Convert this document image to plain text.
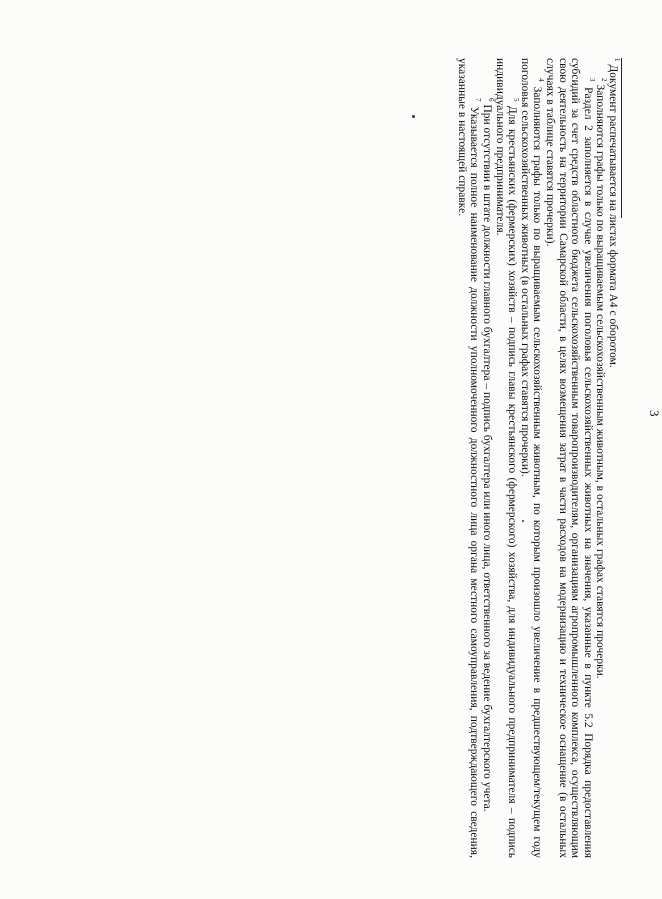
3

$^1$ Документ распечатывается на листах формата А4 с оборотом.

$^2$ Заполняются графы только по выращиваемым сельскохозяйственным животным, в остальных графах ставятся прочерки.

$^3$ Раздел 2 заполняется в случае увеличения поголовья сельскохозяйственных животных на значения, указанные в пункте 5.2 Порядка предоставления субсидий за счет средств областного бюджета сельскохозяйственным товаропроизводителям, организациям агропромышленного комплекса, осуществляющим свою деятельность на территории Самарской области, в целях возмещения затрат в части расходов на модернизацию и техническое оснащение (в остальных случаях в таблице ставятся прочерки).

$^4$ Заполняются графы только по выращиваемым сельскохозяйственным животным, по которым произошло увеличение в предшествующем/текущем году поголовья сельскохозяйственных животных (в остальных графах ставятся прочерки).

$^5$ Для крестьянских (фермерских) хозяйств – подпись главы крестьянского (фермерского) хозяйства, для индивидуального предпринимателя – подпись индивидуального предпринимателя.

$^6$ При отсутствии в штате должности главного бухгалтера – подпись бухгалтера или иного лица, ответственного за ведение бухгалтерского учета.

$^7$ Указывается полное наименование должности уполномоченного должностного лица органа местного самоуправления, подтверждающего сведения, указанные в настоящей справке.
